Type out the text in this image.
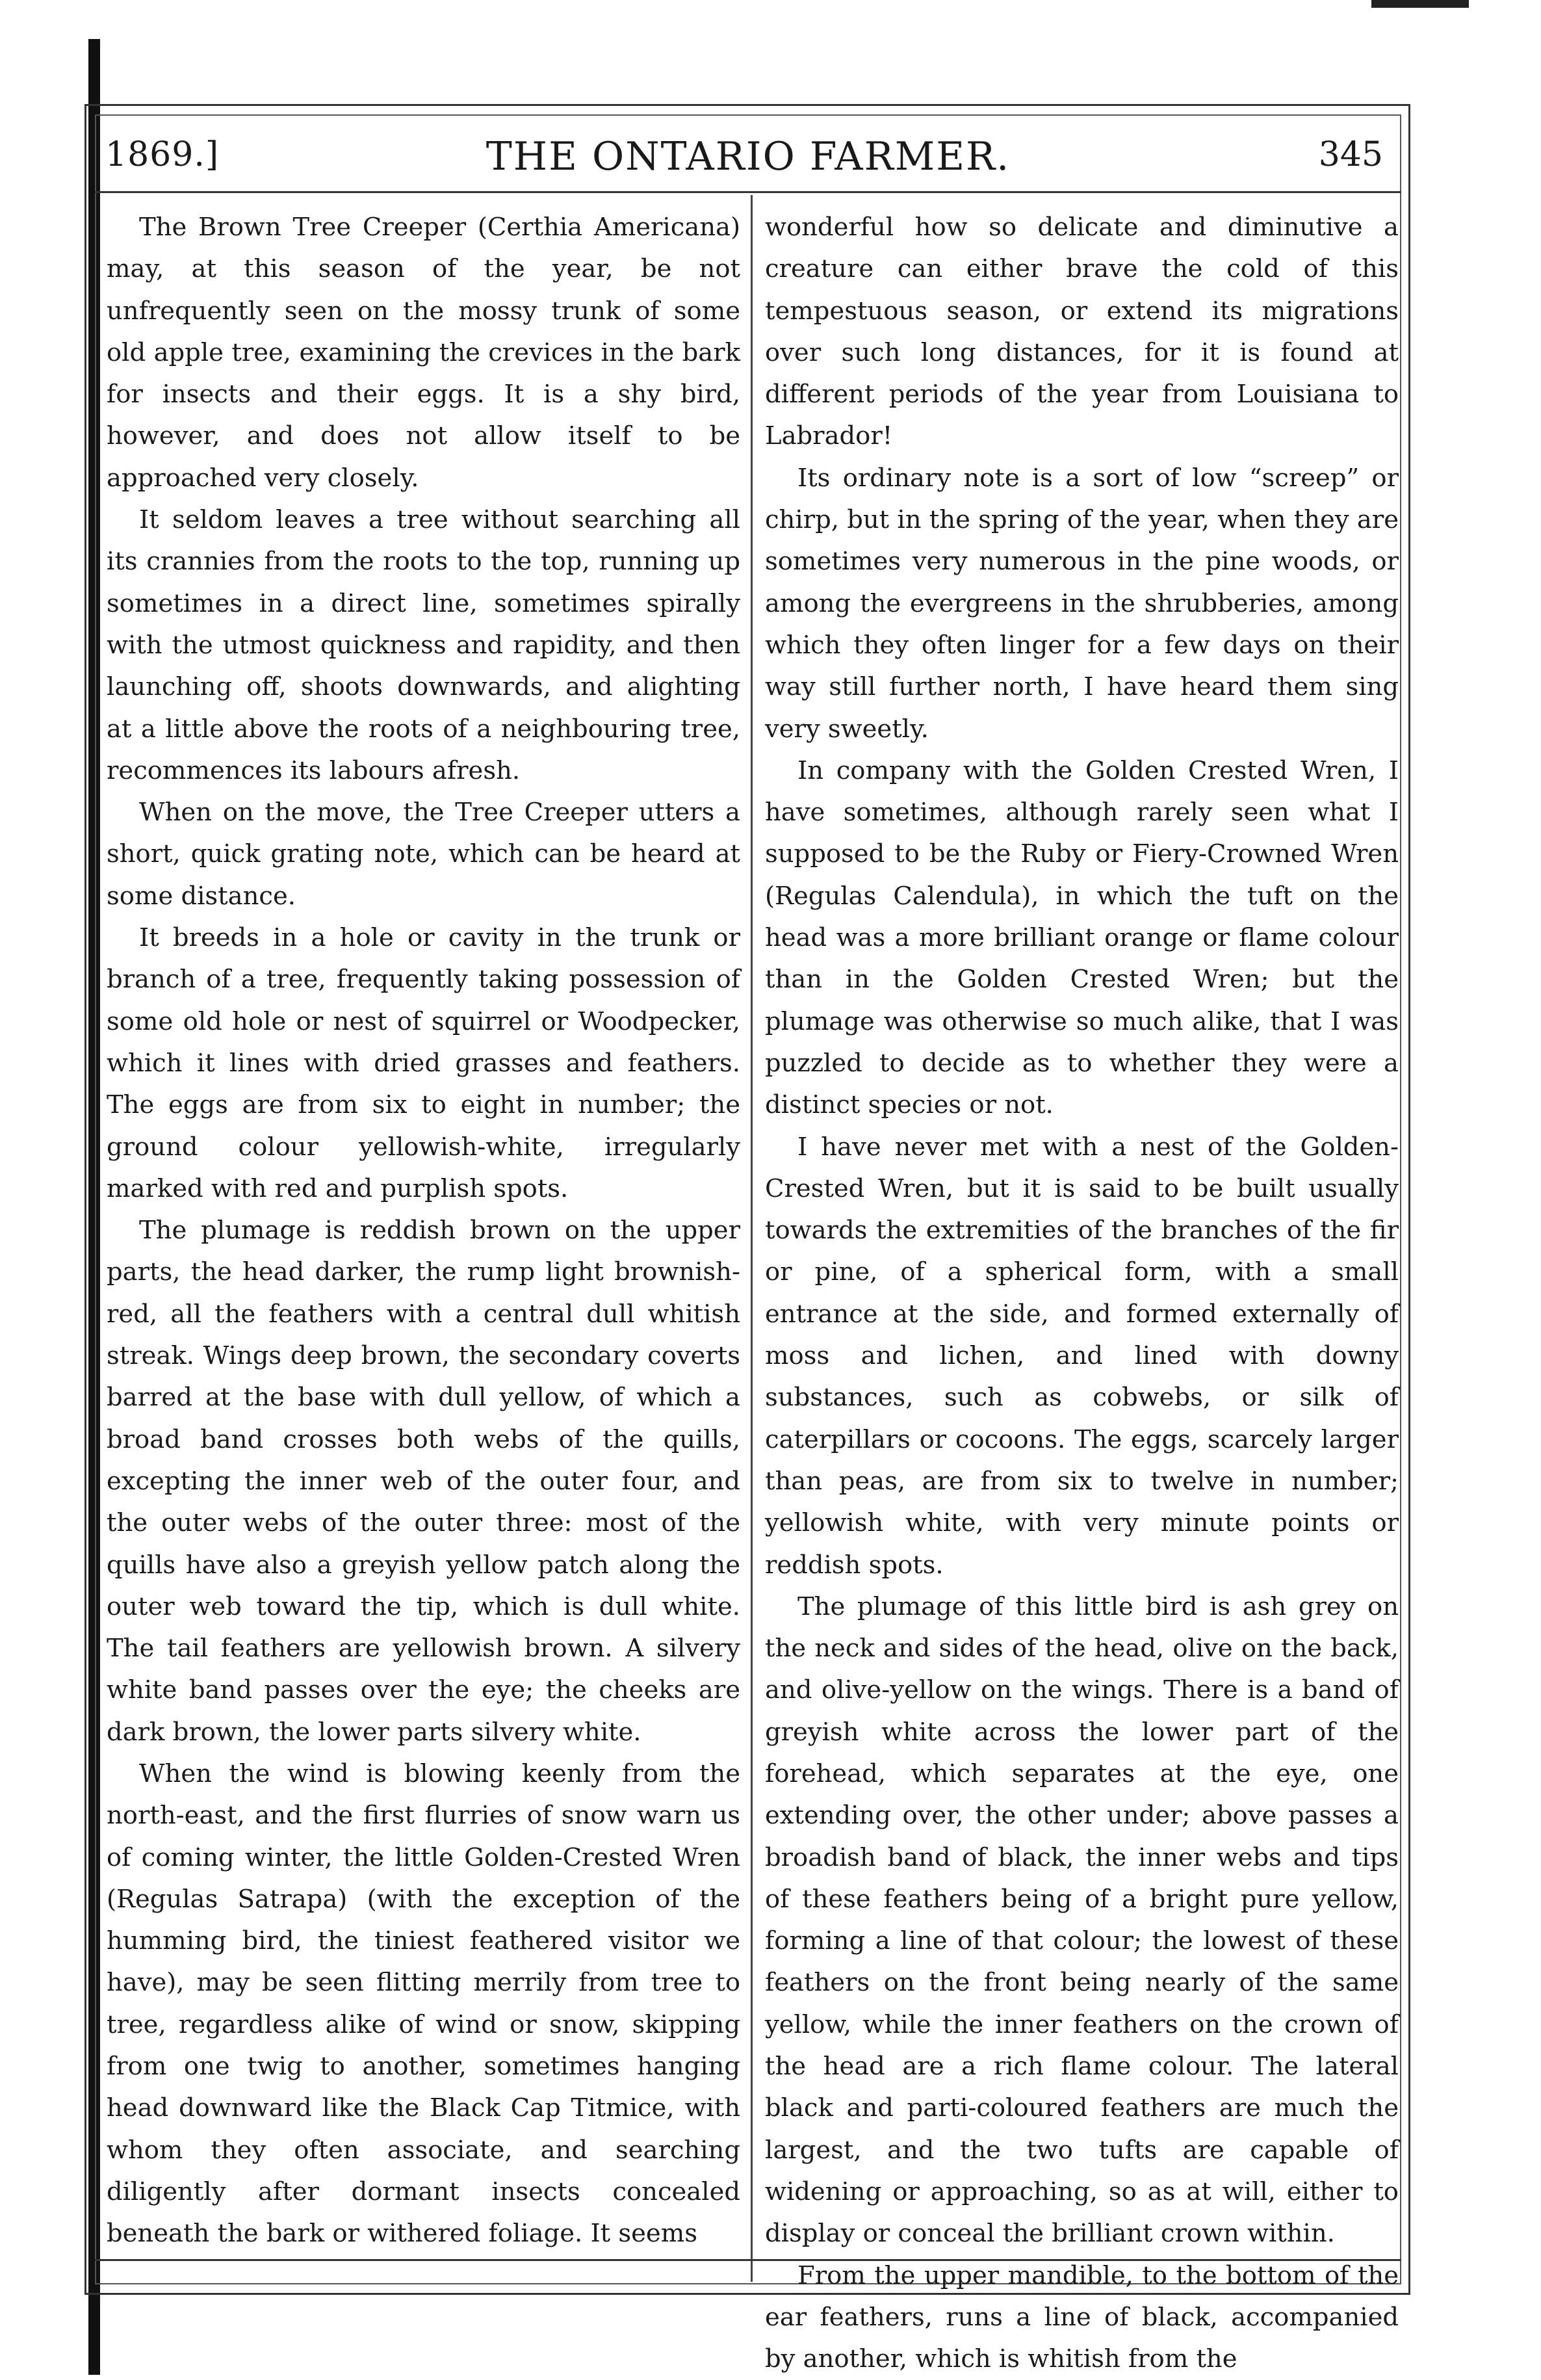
1869.]	THE ONTARIO FARMER.	345

The Brown Tree Creeper (Certhia Americana) may, at this season of the year, be not unfrequently seen on the mossy trunk of some old apple tree, examining the crevices in the bark for insects and their eggs. It is a shy bird, however, and does not allow itself to be approached very closely.

It seldom leaves a tree without searching all its crannies from the roots to the top, running up sometimes in a direct line, sometimes spirally with the utmost quickness and rapidity, and then launching off, shoots downwards, and alighting at a little above the roots of a neighbouring tree, recommences its labours afresh.

When on the move, the Tree Creeper utters a short, quick grating note, which can be heard at some distance.

It breeds in a hole or cavity in the trunk or branch of a tree, frequently taking possession of some old hole or nest of squirrel or Woodpecker, which it lines with dried grasses and feathers. The eggs are from six to eight in number; the ground colour yellowish-white, irregularly marked with red and purplish spots.

The plumage is reddish brown on the upper parts, the head darker, the rump light brownish-red, all the feathers with a central dull whitish streak. Wings deep brown, the secondary coverts barred at the base with dull yellow, of which a broad band crosses both webs of the quills, excepting the inner web of the outer four, and the outer webs of the outer three: most of the quills have also a greyish yellow patch along the outer web toward the tip, which is dull white. The tail feathers are yellowish brown. A silvery white band passes over the eye; the cheeks are dark brown, the lower parts silvery white.

When the wind is blowing keenly from the north-east, and the first flurries of snow warn us of coming winter, the little Golden-Crested Wren (Regulas Satrapa) (with the exception of the humming bird, the tiniest feathered visitor we have), may be seen flitting merrily from tree to tree, regardless alike of wind or snow, skipping from one twig to another, sometimes hanging head downward like the Black Cap Titmice, with whom they often associate, and searching diligently after dormant insects concealed beneath the bark or withered foliage. It seems

wonderful how so delicate and diminutive a creature can either brave the cold of this tempestuous season, or extend its migrations over such long distances, for it is found at different periods of the year from Louisiana to Labrador!

Its ordinary note is a sort of low “screep” or chirp, but in the spring of the year, when they are sometimes very numerous in the pine woods, or among the evergreens in the shrubberies, among which they often linger for a few days on their way still further north, I have heard them sing very sweetly.

In company with the Golden Crested Wren, I have sometimes, although rarely seen what I supposed to be the Ruby or Fiery-Crowned Wren (Regulas Calendula), in which the tuft on the head was a more brilliant orange or flame colour than in the Golden Crested Wren; but the plumage was otherwise so much alike, that I was puzzled to decide as to whether they were a distinct species or not.

I have never met with a nest of the Golden-Crested Wren, but it is said to be built usually towards the extremities of the branches of the fir or pine, of a spherical form, with a small entrance at the side, and formed externally of moss and lichen, and lined with downy substances, such as cobwebs, or silk of caterpillars or cocoons. The eggs, scarcely larger than peas, are from six to twelve in number; yellowish white, with very minute points or reddish spots.

The plumage of this little bird is ash grey on the neck and sides of the head, olive on the back, and olive-yellow on the wings. There is a band of greyish white across the lower part of the forehead, which separates at the eye, one extending over, the other under; above passes a broadish band of black, the inner webs and tips of these feathers being of a bright pure yellow, forming a line of that colour; the lowest of these feathers on the front being nearly of the same yellow, while the inner feathers on the crown of the head are a rich flame colour. The lateral black and parti-coloured feathers are much the largest, and the two tufts are capable of widening or approaching, so as at will, either to display or conceal the brilliant crown within.

From the upper mandible, to the bottom of the ear feathers, runs a line of black, accompanied by another, which is whitish from the
